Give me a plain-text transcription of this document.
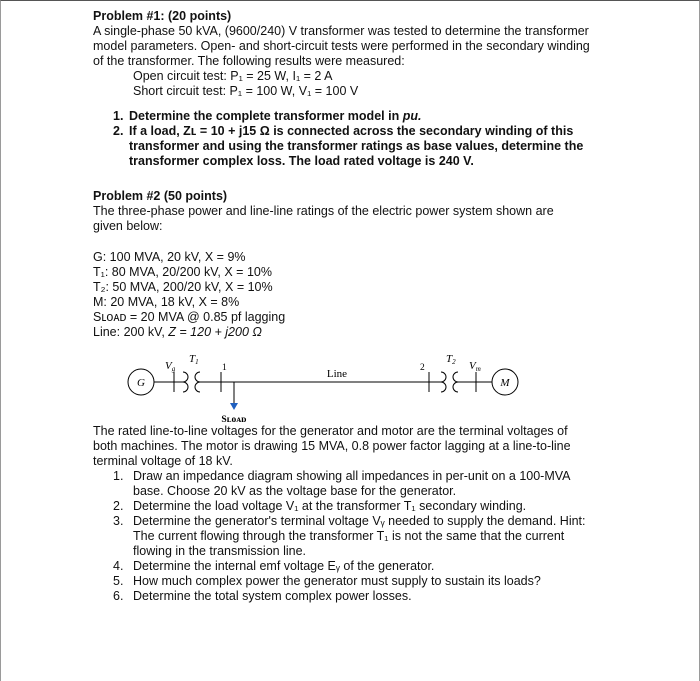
Problem #1: (20 points)

A single-phase 50 kVA, (9600/240) V transformer was tested to determine the transformer

model parameters. Open- and short-circuit tests were performed in the secondary winding

of the transformer. The following results were measured:

Open circuit test: P₁ = 25 W, I₁ = 2 A

Short circuit test: P₁ = 100 W, V₁ = 100 V

1. Determine the complete transformer model in pu.
2. If a load, Zʟ = 10 + j15 Ω is connected across the secondary winding of this
transformer and using the transformer ratings as base values, determine the
transformer complex loss. The load rated voltage is 240 V.

Problem #2 (50 points)

The three-phase power and line-line ratings of the electric power system shown are

given below:

G: 100 MVA, 20 kV, X = 9%

T₁: 80 MVA, 20/200 kV, X = 10%

T₂: 50 MVA, 200/20 kV, X = 10%

M: 20 MVA, 18 kV, X = 8%

Sʟᴏᴀᴅ = 20 MVA @ 0.85 pf lagging

Line: 200 kV, Z = 120 + j200 Ω

G	M
Vg
T1
1	Line	2
T2 Vm
Sʟᴏᴀᴅ

The rated line-to-line voltages for the generator and motor are the terminal voltages of

both machines. The motor is drawing 15 MVA, 0.8 power factor lagging at a line-to-line

terminal voltage of 18 kV.

1. Draw an impedance diagram showing all impedances in per-unit on a 100-MVA
base. Choose 20 kV as the voltage base for the generator.
2. Determine the load voltage V₁ at the transformer T₁ secondary winding.
3. Determine the generator's terminal voltage Vᵧ needed to supply the demand. Hint:
The current flowing through the transformer T₁ is not the same that the current
flowing in the transmission line.
4. Determine the internal emf voltage Eᵧ of the generator.
5. How much complex power the generator must supply to sustain its loads?
6. Determine the total system complex power losses.
